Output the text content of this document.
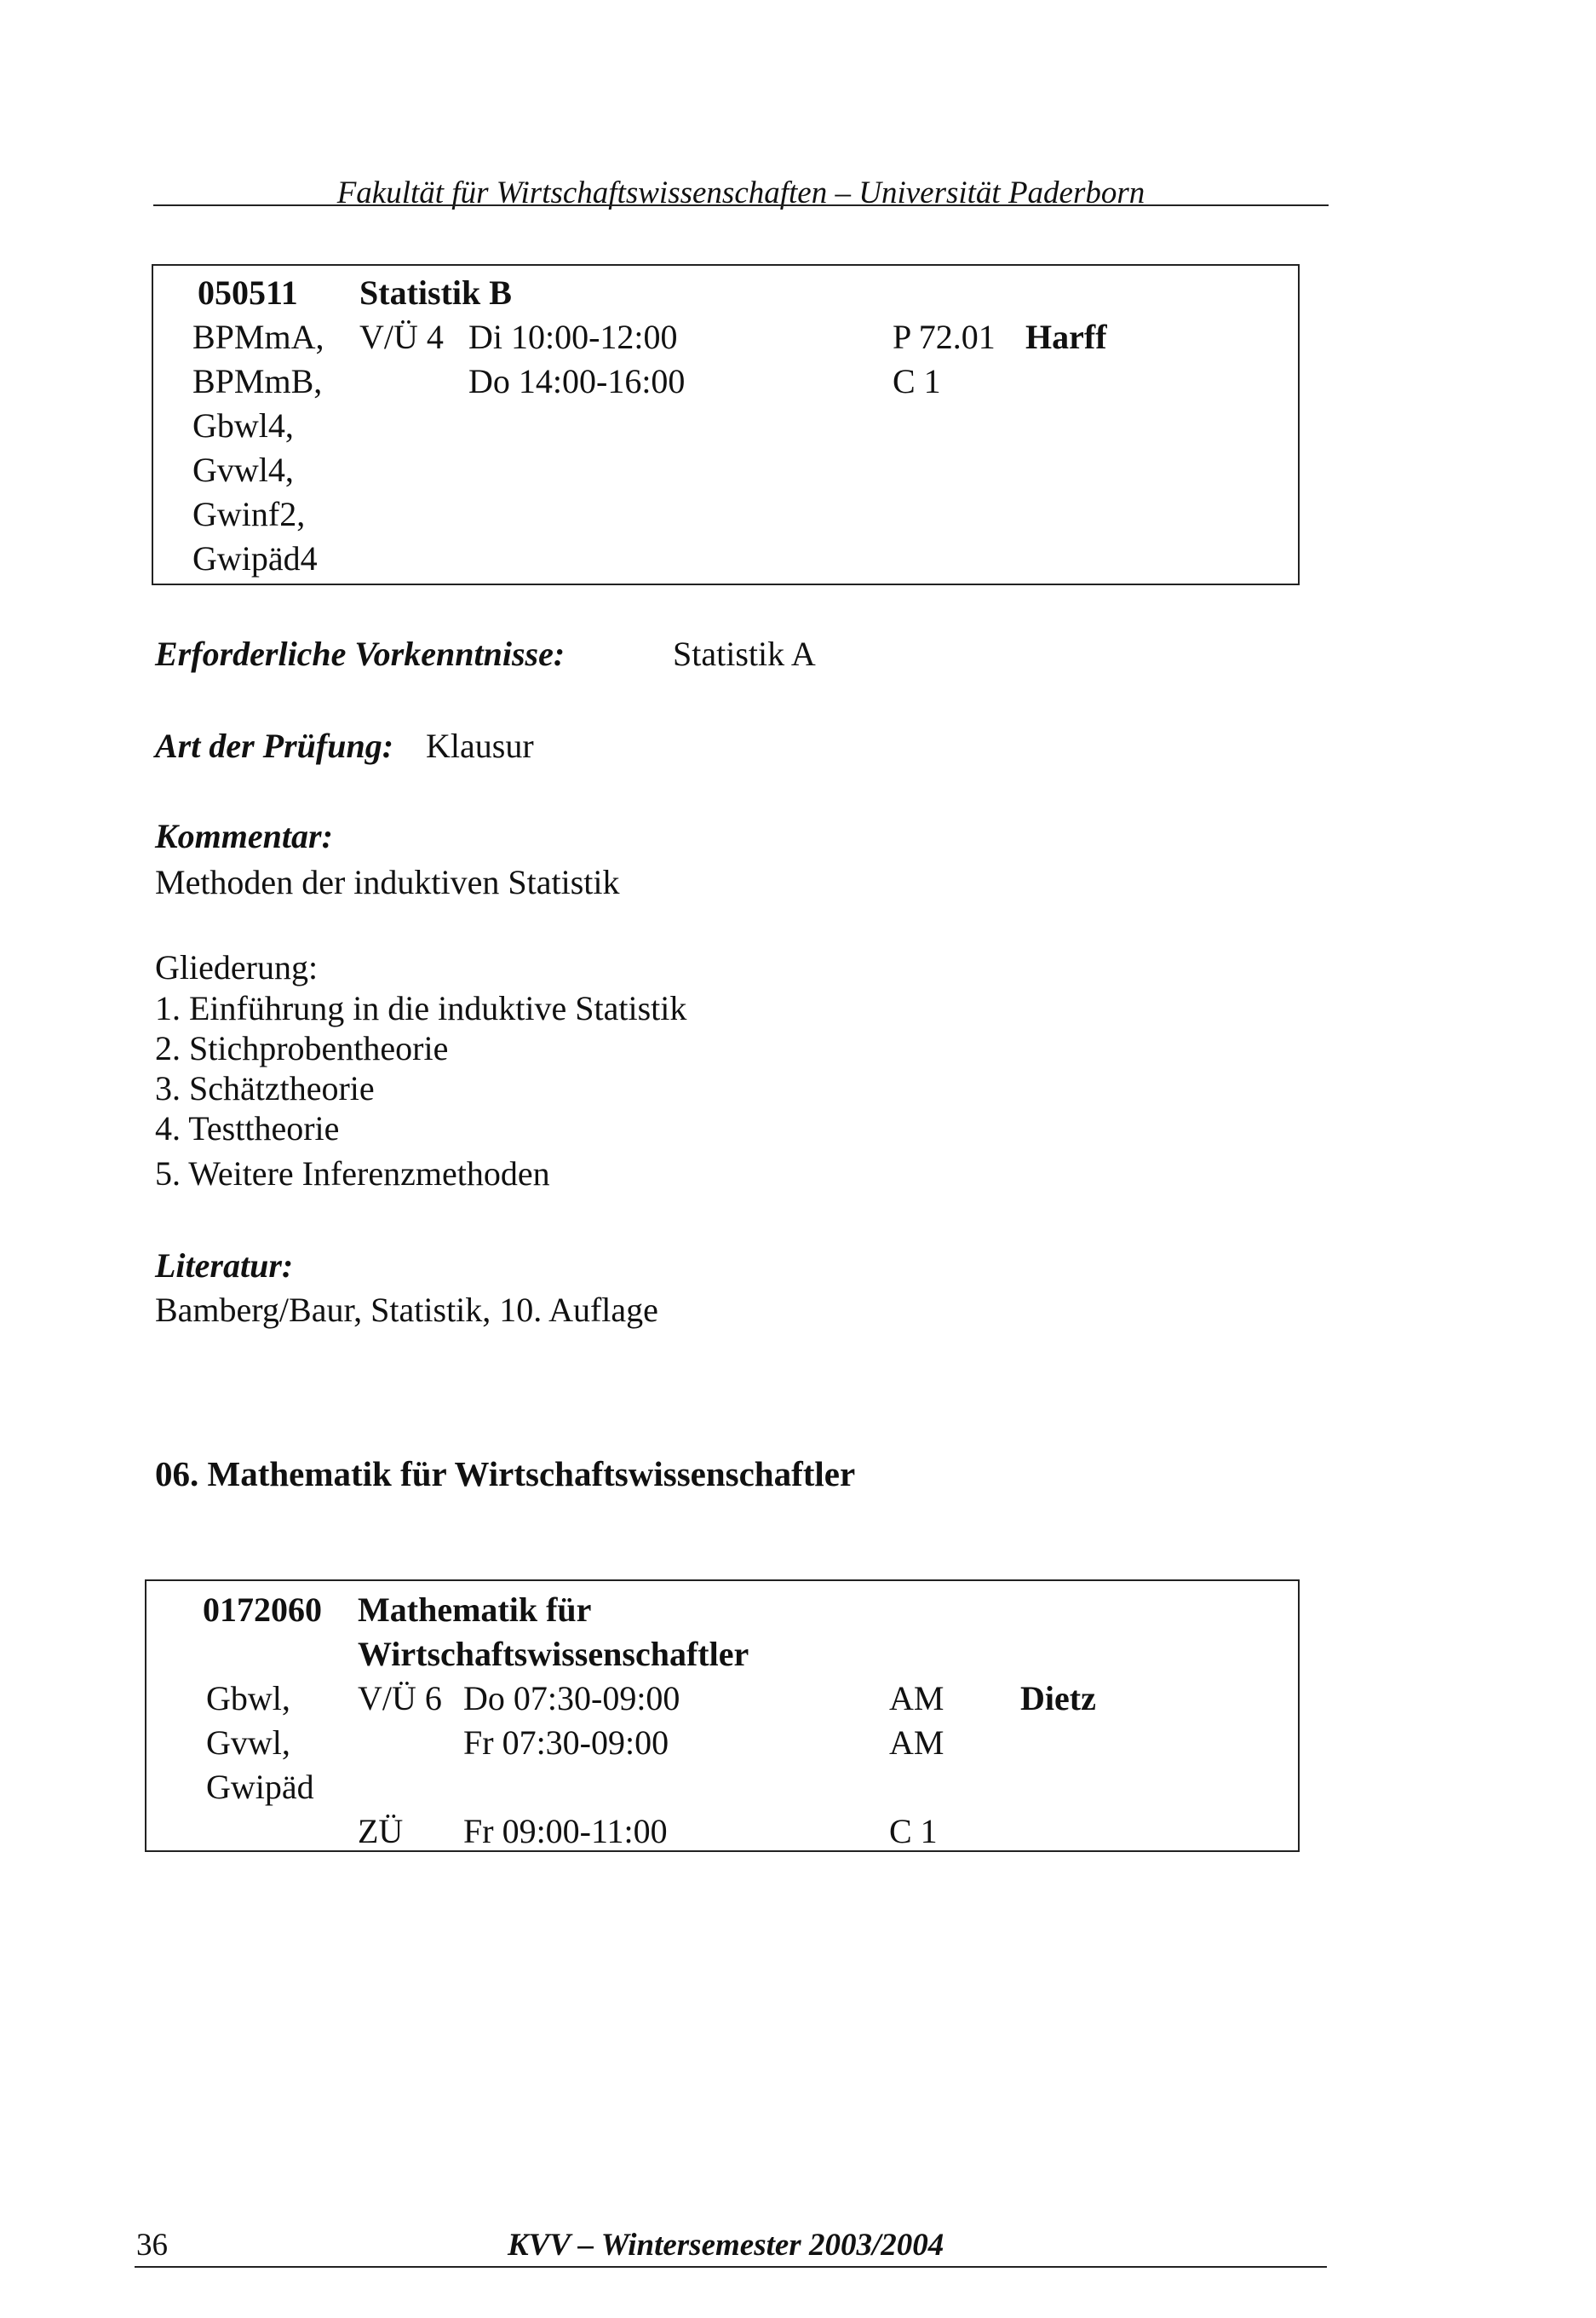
Fakultät für Wirtschaftswissenschaften – Universität Paderborn
050511 Statistik B
BPMmA, V/Ü 4 Di 10:00-12:00	P 72.01 Harff
BPMmB,	Do 14:00-16:00	C 1
Gbwl4,
Gvwl4,
Gwinf2,
Gwipäd4
Erforderliche Vorkenntnisse:	Statistik A
Art der Prüfung: Klausur
Kommentar:
Methoden der induktiven Statistik
Gliederung:
1. Einführung in die induktive Statistik
2. Stichprobentheorie
3. Schätztheorie
4. Testtheorie
5. Weitere Inferenzmethoden
Literatur:
Bamberg/Baur, Statistik, 10. Auflage
06. Mathematik für Wirtschaftswissenschaftler
0172060 Mathematik für
Wirtschaftswissenschaftler
Gbwl, V/Ü 6 Do 07:30-09:00	AM Dietz
Gvwl,	Fr 07:30-09:00	AM
Gwipäd
ZÜ Fr 09:00-11:00	C 1
36	KVV – Wintersemester 2003/2004
